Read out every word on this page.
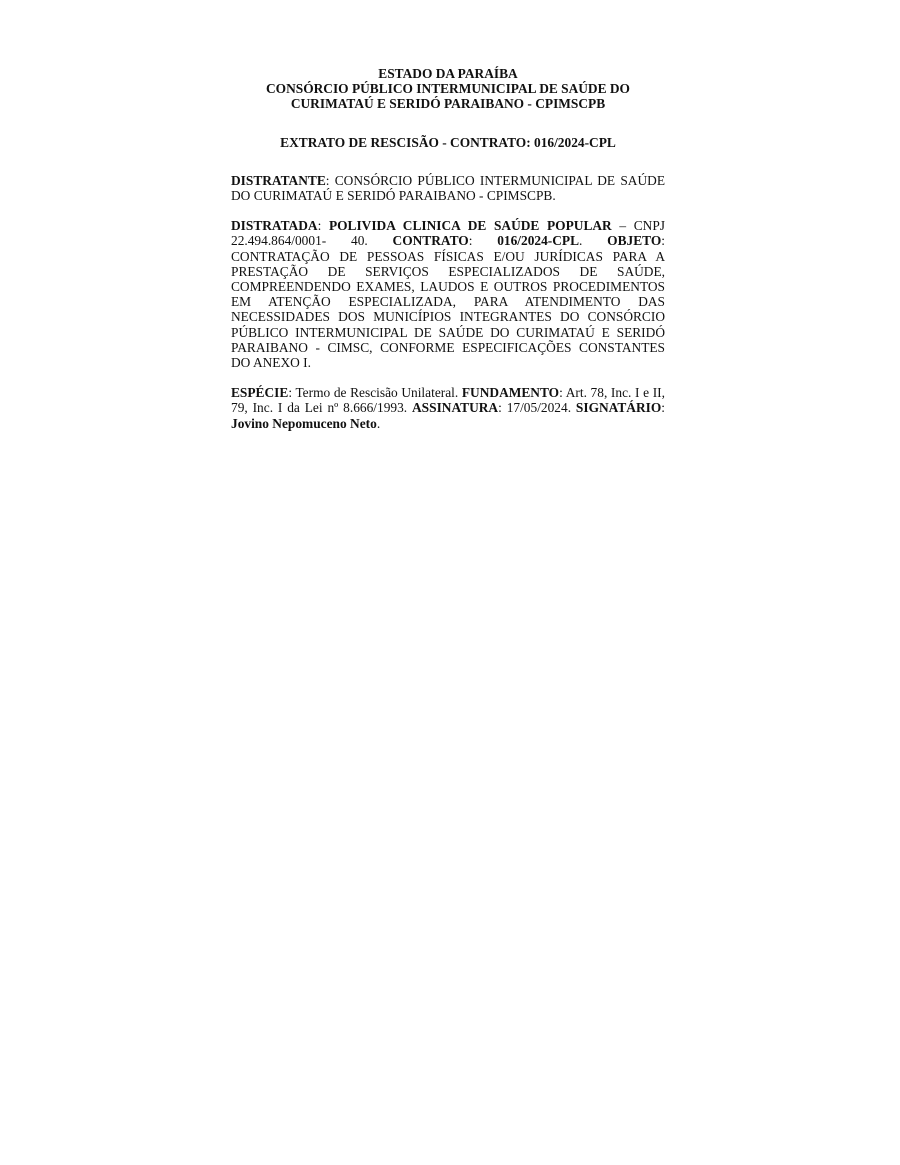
ESTADO DA PARAÍBA
CONSÓRCIO PÚBLICO INTERMUNICIPAL DE SAÚDE DO
CURIMATAÚ E SERIDÓ PARAIBANO - CPIMSCPB
EXTRATO DE RESCISÃO - CONTRATO: 016/2024-CPL

DISTRATANTE: CONSÓRCIO PÚBLICO INTERMUNICIPAL DE SAÚDE DO CURIMATAÚ E SERIDÓ PARAIBANO - CPIMSCPB.

DISTRATADA: POLIVIDA CLINICA DE SAÚDE POPULAR – CNPJ 22.494.864/0001- 40. CONTRATO: 016/2024-CPL. OBJETO: CONTRATAÇÃO DE PESSOAS FÍSICAS E/OU JURÍDICAS PARA A PRESTAÇÃO DE SERVIÇOS ESPECIALIZADOS DE SAÚDE, COMPREENDENDO EXAMES, LAUDOS E OUTROS PROCEDIMENTOS EM ATENÇÃO ESPECIALIZADA, PARA ATENDIMENTO DAS NECESSIDADES DOS MUNICÍPIOS INTEGRANTES DO CONSÓRCIO PÚBLICO INTERMUNICIPAL DE SAÚDE DO CURIMATAÚ E SERIDÓ PARAIBANO - CIMSC, CONFORME ESPECIFICAÇÕES CONSTANTES DO ANEXO I.

ESPÉCIE: Termo de Rescisão Unilateral. FUNDAMENTO: Art. 78, Inc. I e II, 79, Inc. I da Lei nº 8.666/1993. ASSINATURA: 17/05/2024. SIGNATÁRIO: Jovino Nepomuceno Neto.
